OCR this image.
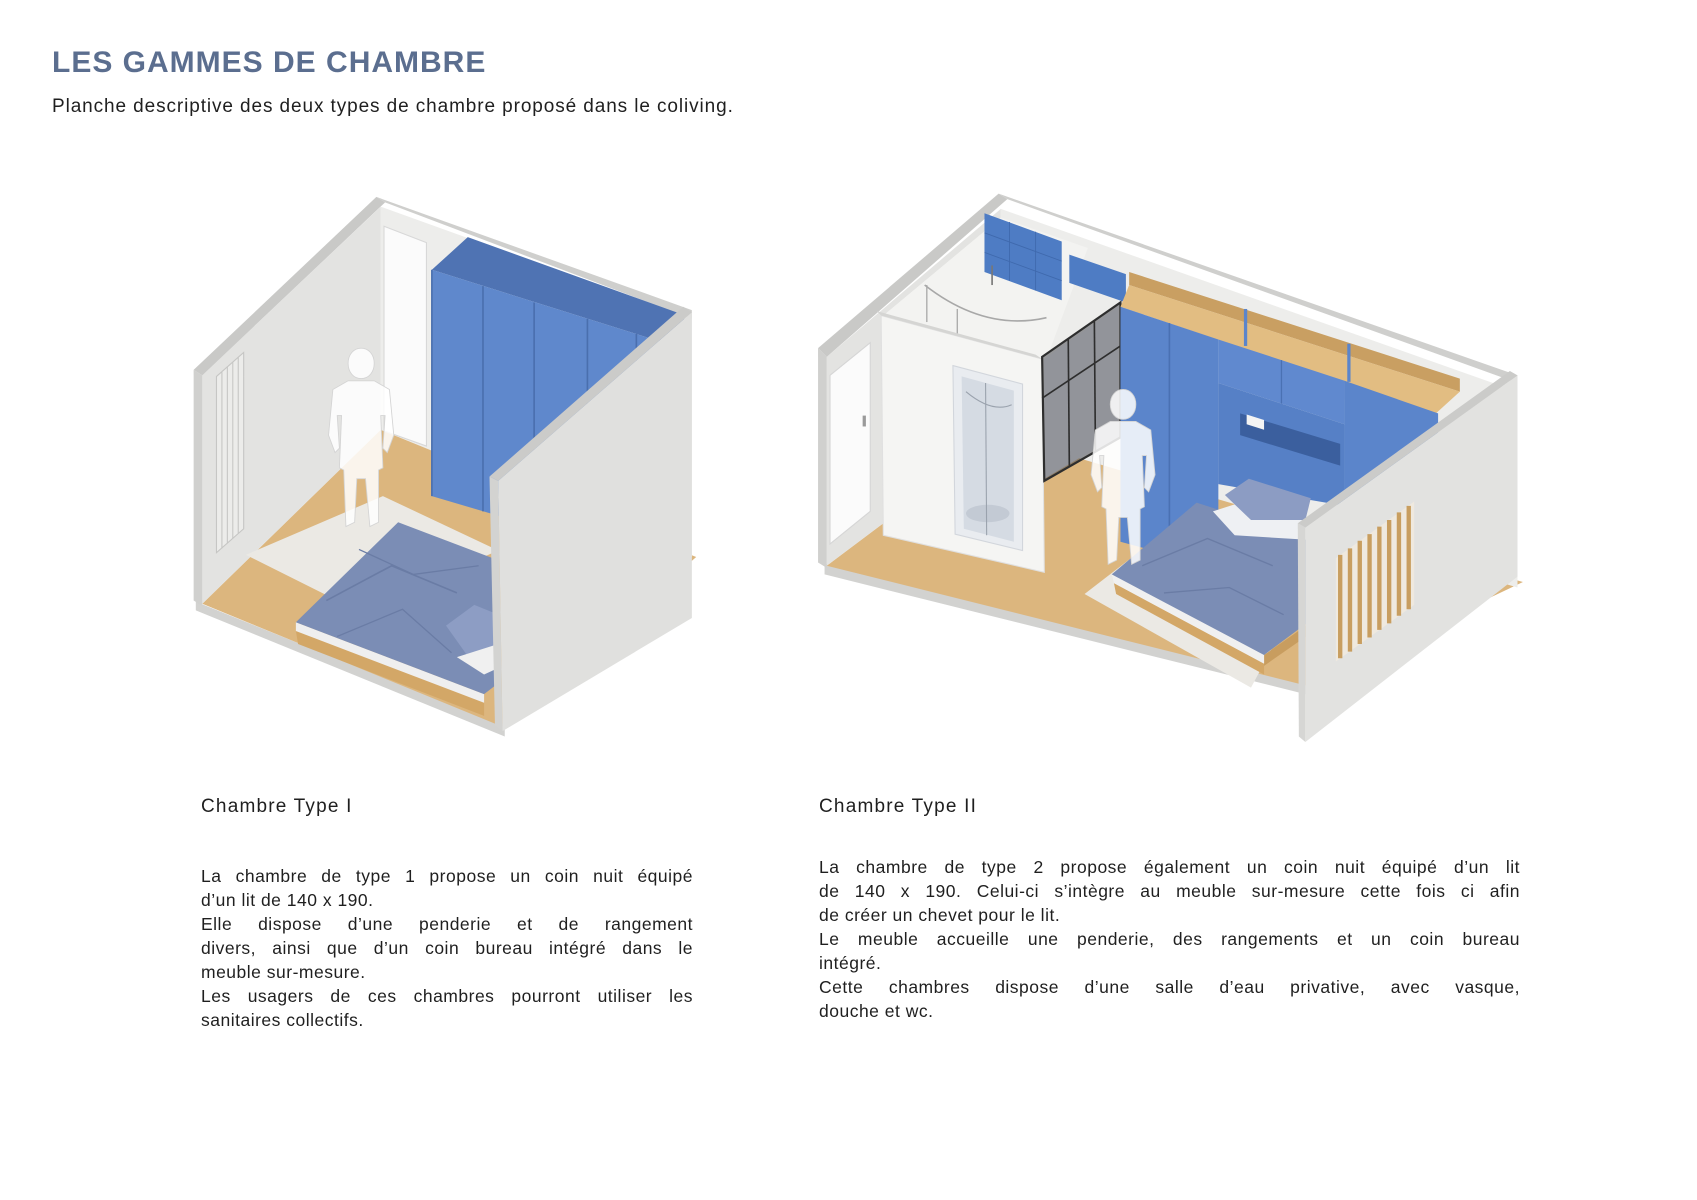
LES GAMMES DE CHAMBRE
Planche descriptive des deux types de chambre proposé dans le coliving.
Chambre Type I
La chambre de type 1 propose un coin nuit équipé
d’un lit de 140 x 190.
Elle dispose d’une penderie et de rangement
divers, ainsi que d’un coin bureau intégré dans le
meuble sur-mesure.
Les usagers de ces chambres pourront utiliser les
sanitaires collectifs.
Chambre Type II
La chambre de type 2 propose également un coin nuit équipé d’un lit
de 140 x 190. Celui-ci s’intègre au meuble sur-mesure cette fois ci afin
de créer un chevet pour le lit.
Le meuble accueille une penderie, des rangements et un coin bureau
intégré.
Cette chambres dispose d’une salle d’eau privative, avec vasque,
douche et wc.
